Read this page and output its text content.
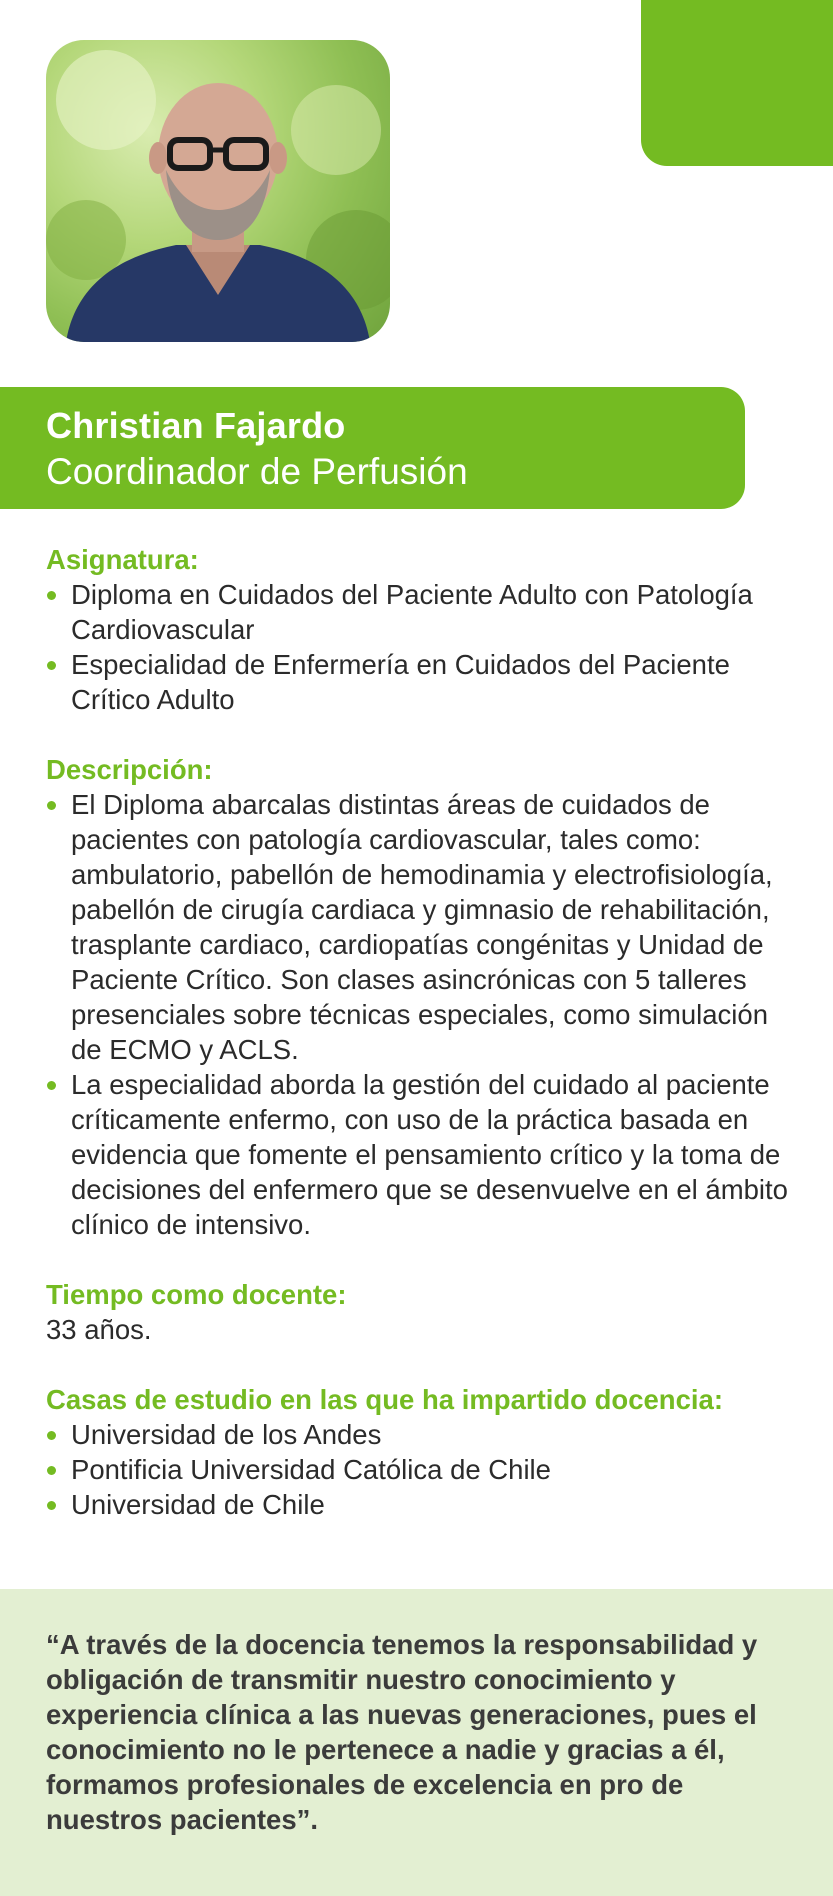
Christian Fajardo
Coordinador de Perfusión
Asignatura:
Diploma en Cuidados del Paciente Adulto con Patología Cardiovascular
Especialidad de Enfermería en Cuidados del Paciente Crítico Adulto
Descripción:
El Diploma abarcalas distintas áreas de cuidados de pacientes con patología cardiovascular, tales como: ambulatorio, pabellón de hemodinamia y electrofisiología, pabellón de cirugía cardiaca y gimnasio de rehabilitación, trasplante cardiaco, cardiopatías congénitas y Unidad de Paciente Crítico. Son clases asincrónicas con 5 talleres presenciales sobre técnicas especiales, como simulación de ECMO y ACLS.
La especialidad aborda la gestión del cuidado al paciente críticamente enfermo, con uso de la práctica basada en evidencia que fomente el pensamiento crítico y la toma de decisiones del enfermero que se desenvuelve en el ámbito clínico de intensivo.
Tiempo como docente:
33 años.
Casas de estudio en las que ha impartido docencia:
Universidad de los Andes
Pontificia Universidad Católica de Chile
Universidad de Chile
“A través de la docencia tenemos la responsabilidad y obligación de transmitir nuestro conocimiento y experiencia clínica a las nuevas generaciones, pues el conocimiento no le pertenece a nadie y gracias a él, formamos profesionales de excelencia en pro de nuestros pacientes”.
